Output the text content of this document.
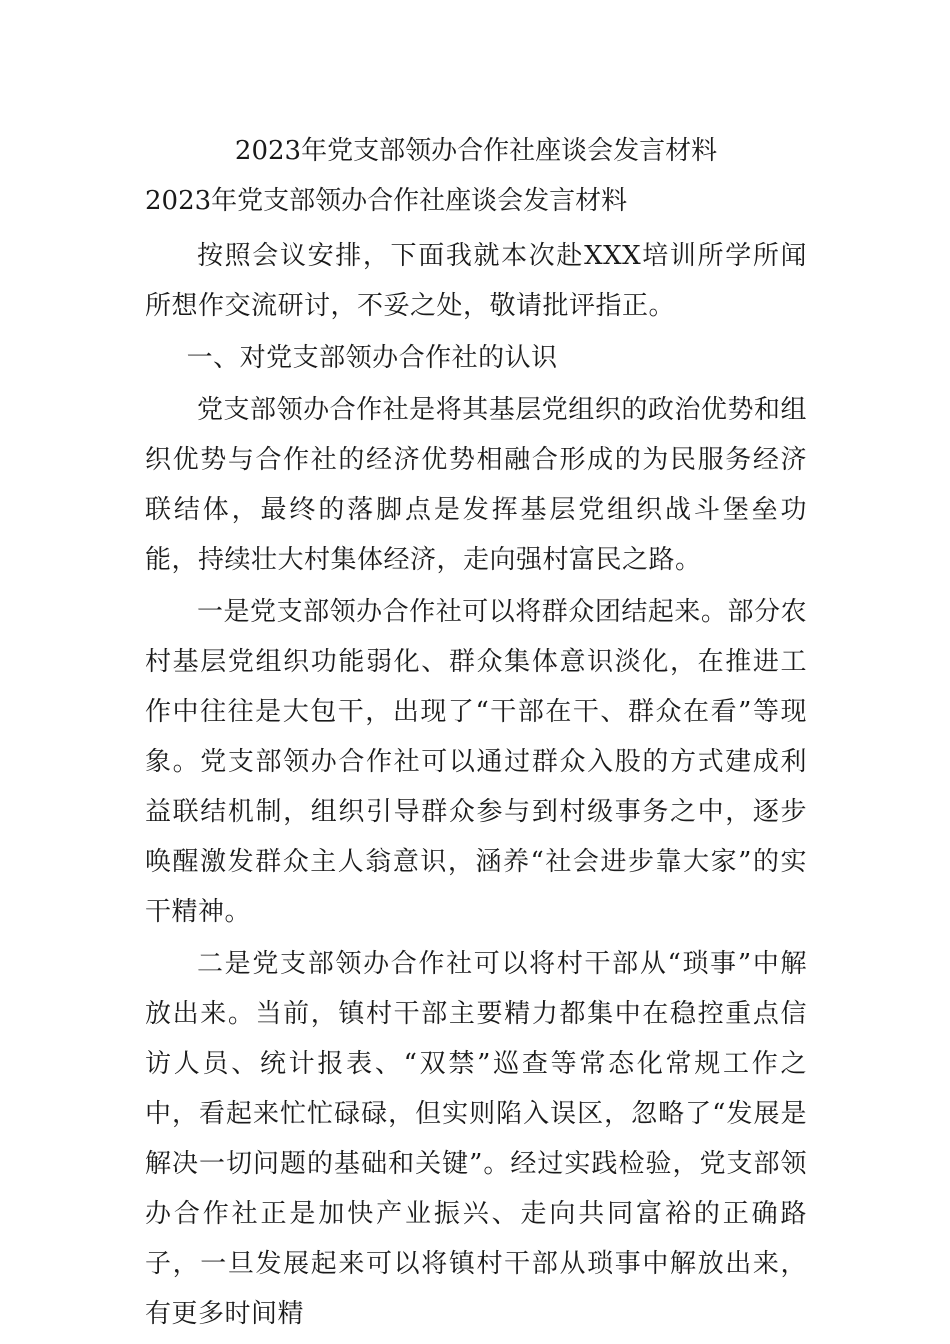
2023年党支部领办合作社座谈会发言材料
2023年党支部领办合作社座谈会发言材料

按照会议安排，下面我就本次赴XXX培训所学所闻所想作交流研讨，不妥之处，敬请批评指正。

一、对党支部领办合作社的认识

党支部领办合作社是将其基层党组织的政治优势和组织优势与合作社的经济优势相融合形成的为民服务经济联结体，最终的落脚点是发挥基层党组织战斗堡垒功能，持续壮大村集体经济，走向强村富民之路。

一是党支部领办合作社可以将群众团结起来。部分农村基层党组织功能弱化、群众集体意识淡化，在推进工作中往往是大包干，出现了“干部在干、群众在看”等现象。党支部领办合作社可以通过群众入股的方式建成利益联结机制，组织引导群众参与到村级事务之中，逐步唤醒激发群众主人翁意识，涵养“社会进步靠大家”的实干精神。

二是党支部领办合作社可以将村干部从“琐事”中解放出来。当前，镇村干部主要精力都集中在稳控重点信访人员、统计报表、“双禁”巡查等常态化常规工作之中，看起来忙忙碌碌，但实则陷入误区，忽略了“发展是解决一切问题的基础和关键”。经过实践检验，党支部领办合作社正是加快产业振兴、走向共同富裕的正确路子，一旦发展起来可以将镇村干部从琐事中解放出来，有更多时间精
